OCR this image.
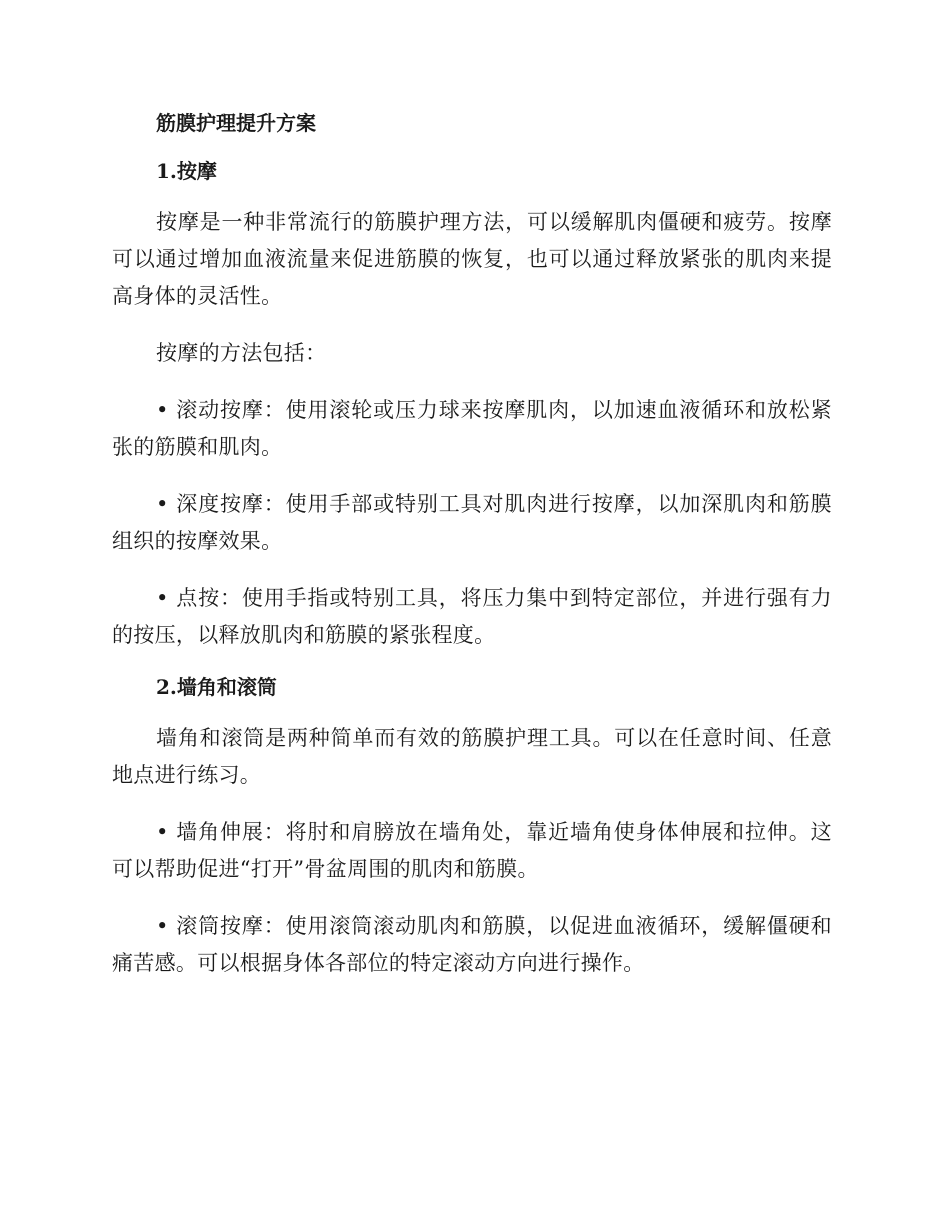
筋膜护理提升方案

1.按摩

按摩是一种非常流行的筋膜护理方法，可以缓解肌肉僵硬和疲劳。按摩可以通过增加血液流量来促进筋膜的恢复，也可以通过释放紧张的肌肉来提高身体的灵活性。

按摩的方法包括：

• 滚动按摩：使用滚轮或压力球来按摩肌肉，以加速血液循环和放松紧张的筋膜和肌肉。

• 深度按摩：使用手部或特别工具对肌肉进行按摩，以加深肌肉和筋膜组织的按摩效果。

• 点按：使用手指或特别工具，将压力集中到特定部位，并进行强有力的按压，以释放肌肉和筋膜的紧张程度。

2.墙角和滚筒

墙角和滚筒是两种简单而有效的筋膜护理工具。可以在任意时间、任意地点进行练习。

• 墙角伸展：将肘和肩膀放在墙角处，靠近墙角使身体伸展和拉伸。这可以帮助促进“打开”骨盆周围的肌肉和筋膜。

• 滚筒按摩：使用滚筒滚动肌肉和筋膜，以促进血液循环，缓解僵硬和痛苦感。可以根据身体各部位的特定滚动方向进行操作。
